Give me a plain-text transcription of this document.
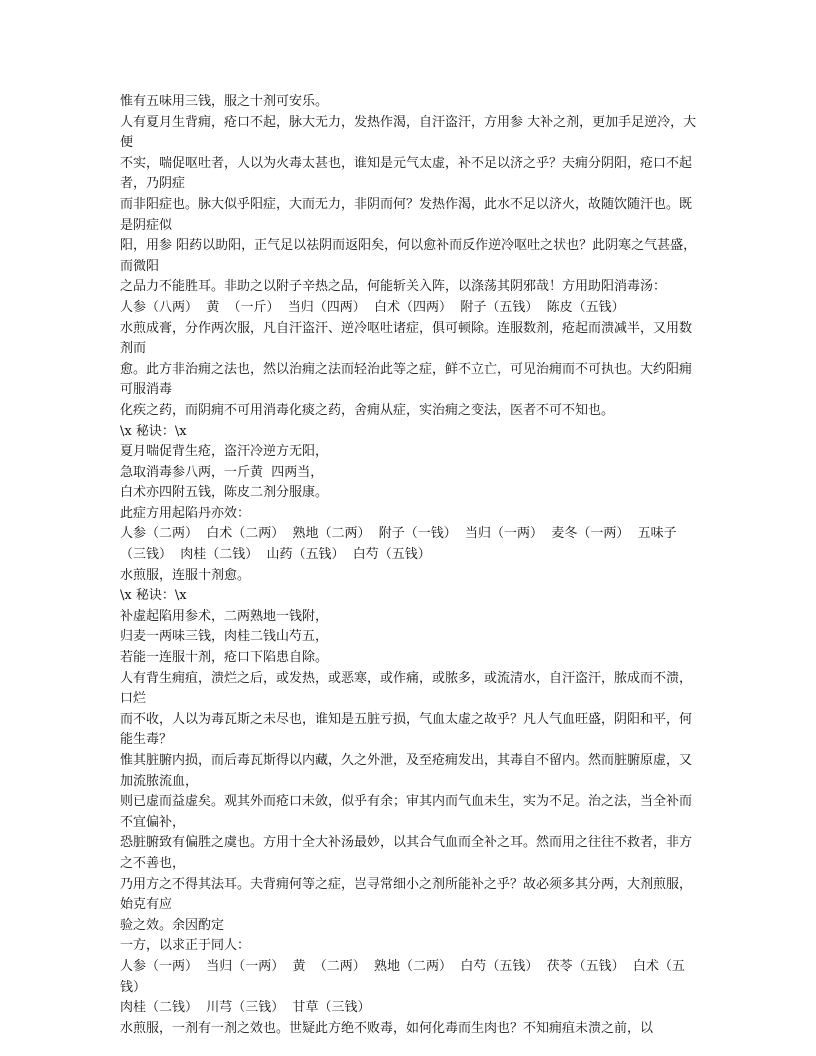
惟有五味用三钱，服之十剂可安乐。
人有夏月生背痈，疮口不起，脉大无力，发热作渴，自汗盗汗，方用参 大补之剂，更加手足逆冷，大便
不实，喘促呕吐者，人以为火毒太甚也，谁知是元气太虚，补不足以济之乎？夫痈分阴阳，疮口不起者，乃阴症
而非阳症也。脉大似乎阳症，大而无力，非阴而何？发热作渴，此水不足以济火，故随饮随汗也。既是阴症似
阳，用参 阳药以助阳，正气足以祛阴而返阳矣，何以愈补而反作逆冷呕吐之状也？此阴寒之气甚盛，而微阳
之品力不能胜耳。非助之以附子辛热之品，何能斩关入阵，以涤荡其阴邪哉！方用助阳消毒汤：
人参（八两）  黄  （一斤）  当归（四两）  白术（四两）  附子（五钱）  陈皮（五钱）
水煎成膏，分作两次服，凡自汗盗汗、逆冷呕吐诸症，俱可顿除。连服数剂，疮起而溃减半，又用数剂而
愈。此方非治痈之法也，然以治痈之法而轻治此等之症，鲜不立亡，可见治痈而不可执也。大约阳痈可服消毒
化疾之药，而阴痈不可用消毒化痰之药，舍痈从症，实治痈之变法，医者不可不知也。
\x 秘诀：\x
夏月喘促背生疮，盗汗冷逆方无阳，
急取消毒参八两，一斤黄  四两当，
白术亦四附五钱，陈皮二剂分服康。
此症方用起陷丹亦效：
人参（二两）  白术（二两）  熟地（二两）  附子（一钱）  当归（一两）  麦冬（一两）  五味子
（三钱）  肉桂（二钱）  山药（五钱）  白芍（五钱）
水煎服，连服十剂愈。
\x 秘诀：\x
补虚起陷用参术，二两熟地一钱附，
归麦一两味三钱，肉桂二钱山芍五，
若能一连服十剂，疮口下陷患自除。
人有背生痈疽，溃烂之后，或发热，或恶寒，或作痛，或脓多，或流清水，自汗盗汗，脓成而不溃，口烂
而不收，人以为毒瓦斯之未尽也，谁知是五脏亏损，气血太虚之故乎？凡人气血旺盛，阴阳和平，何能生毒？
惟其脏腑内损，而后毒瓦斯得以内藏，久之外泄，及至疮痈发出，其毒自不留内。然而脏腑原虚，又加流脓流血，
则已虚而益虚矣。观其外而疮口未敛，似乎有余；审其内而气血未生，实为不足。治之法，当全补而不宜偏补，
恐脏腑致有偏胜之虞也。方用十全大补汤最妙，以其合气血而全补之耳。然而用之往往不救者，非方之不善也，
乃用方之不得其法耳。夫背痈何等之症，岂寻常细小之剂所能补之乎？故必须多其分两，大剂煎服，始克有应
验之效。余因酌定
一方，以求正于同人：
人参（一两）  当归（一两）  黄  （二两）  熟地（二两）  白芍（五钱）  茯苓（五钱）  白术（五钱）
肉桂（二钱）  川芎（三钱）  甘草（三钱）
水煎服，一剂有一剂之效也。世疑此方绝不败毒，如何化毒而生肉也？不知痈疽未溃之前，以
